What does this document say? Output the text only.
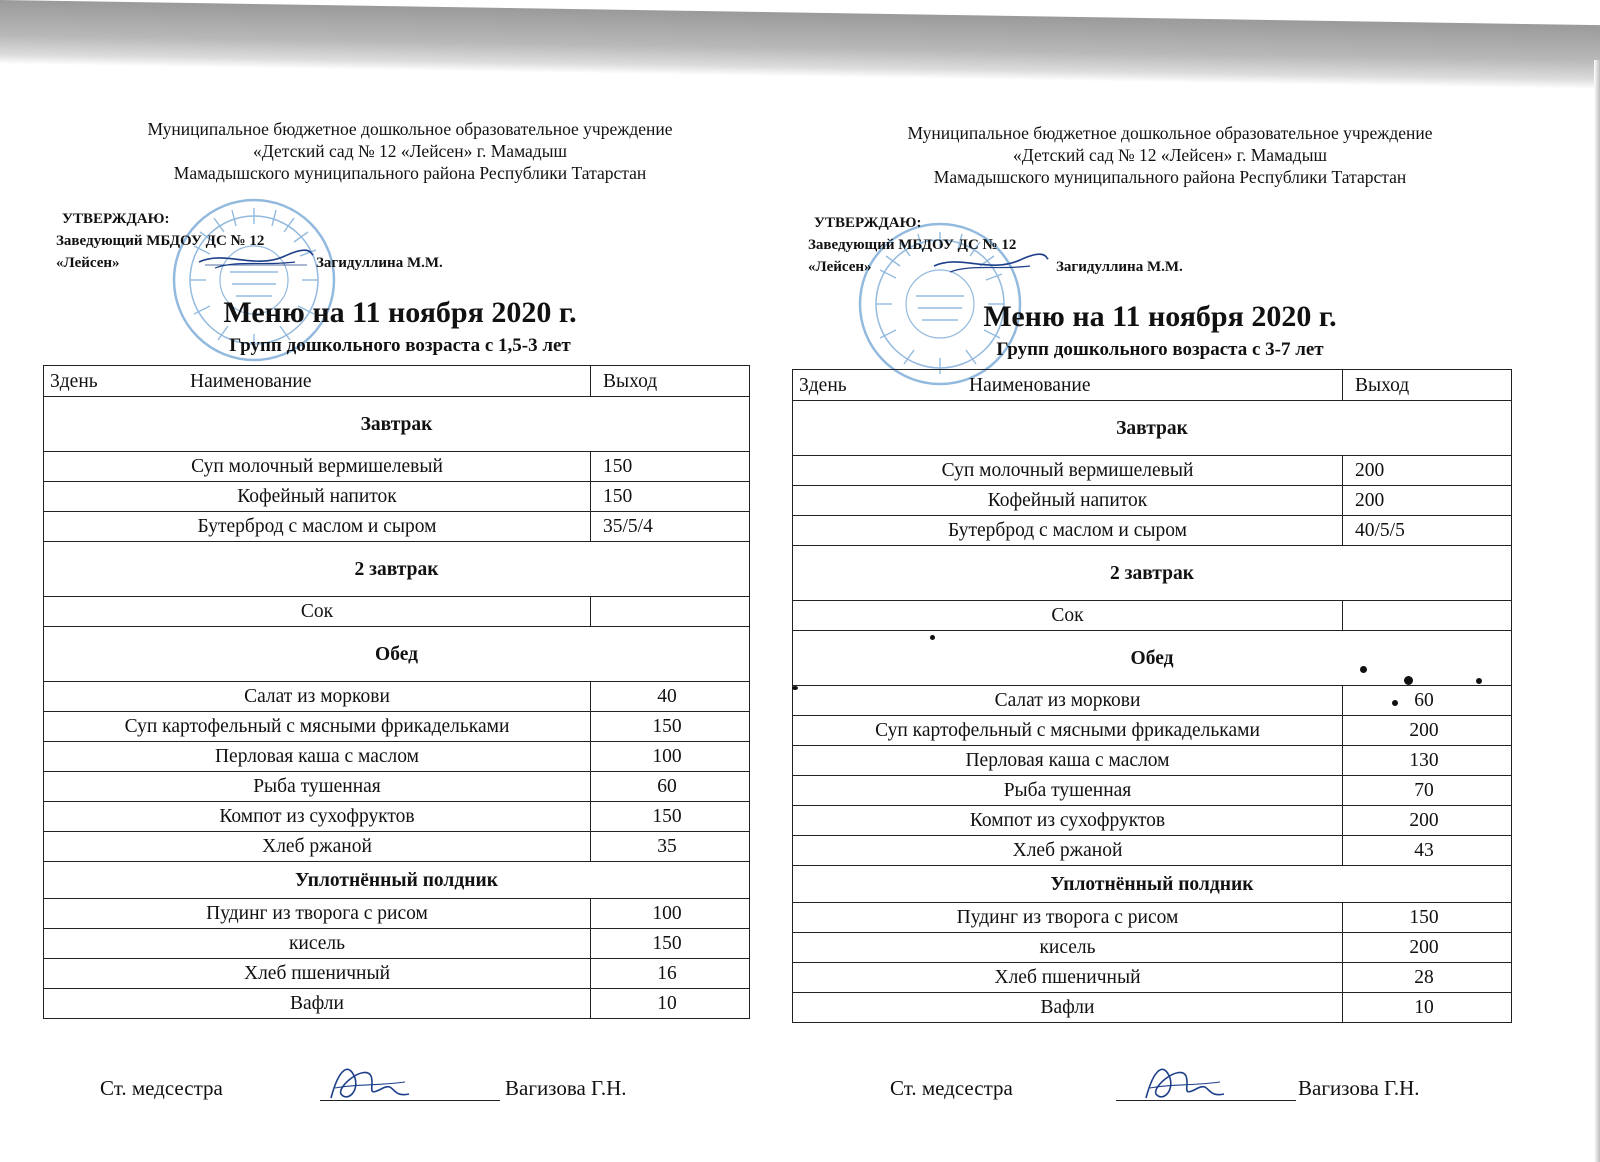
Муниципальное бюджетное дошкольное образовательное учреждение
«Детский сад № 12 «Лейсен» г. Мамадыш
Мамадышского муниципального района Республики Татарстан
УТВЕРЖДАЮ:
Заведующий МБДОУ ДС № 12
«Лейсен»	Загидуллина М.М.
Меню на 11 ноября 2020 г.
Групп дошкольного возраста с 1,5-3 лет
3день Наименование	Выход
Завтрак	
Суп молочный вермишелевый	150
Кофейный напиток	150
Бутерброд с маслом и сыром	35/5/4
2 завтрак	
Сок	
Обед	
Салат из моркови	40
Суп картофельный с мясными фрикадельками	150
Перловая каша с маслом	100
Рыба тушенная	60
Компот из сухофруктов	150
Хлеб ржаной	35
Уплотнённый полдник	
Пудинг из творога с рисом	100
кисель	150
Хлеб пшеничный	16
Вафли	10
Ст. медсестра	Вагизова Г.Н.
Муниципальное бюджетное дошкольное образовательное учреждение
«Детский сад № 12 «Лейсен» г. Мамадыш
Мамадышского муниципального района Республики Татарстан
УТВЕРЖДАЮ:
Заведующий МБДОУ ДС № 12
«Лейсен»	Загидуллина М.М.
Меню на 11 ноября 2020 г.
Групп дошкольного возраста с 3-7 лет
3день Наименование	Выход
Завтрак	
Суп молочный вермишелевый	200
Кофейный напиток	200
Бутерброд с маслом и сыром	40/5/5
2 завтрак	
Сок	
Обед	
Салат из моркови	60
Суп картофельный с мясными фрикадельками	200
Перловая каша с маслом	130
Рыба тушенная	70
Компот из сухофруктов	200
Хлеб ржаной	43
Уплотнённый полдник	
Пудинг из творога с рисом	150
кисель	200
Хлеб пшеничный	28
Вафли	10
Ст. медсестра	Вагизова Г.Н.
